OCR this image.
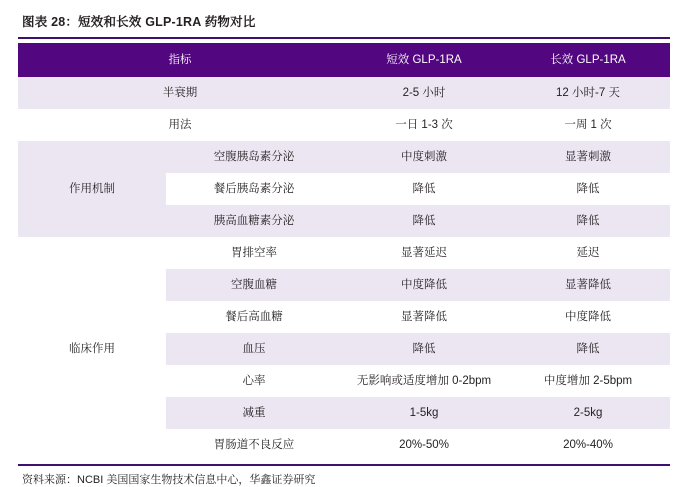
图表 28：短效和长效 GLP-1RA 药物对比
指标		短效 GLP-1RA	长效 GLP-1RA
半衰期		2-5 小时	12 小时-7 天
用法		一日 1-3 次	一周 1 次
作用机制	空腹胰岛素分泌	中度刺激	显著刺激
	餐后胰岛素分泌	降低	降低
	胰高血糖素分泌	降低	降低
临床作用	胃排空率	显著延迟	延迟
	空腹血糖	中度降低	显著降低
	餐后高血糖	显著降低	中度降低
	血压	降低	降低
	心率	无影响或适度增加 0-2bpm	中度增加 2-5bpm
	减重	1-5kg	2-5kg
	胃肠道不良反应	20%-50%	20%-40%
资料来源：NCBI 美国国家生物技术信息中心，华鑫证券研究
